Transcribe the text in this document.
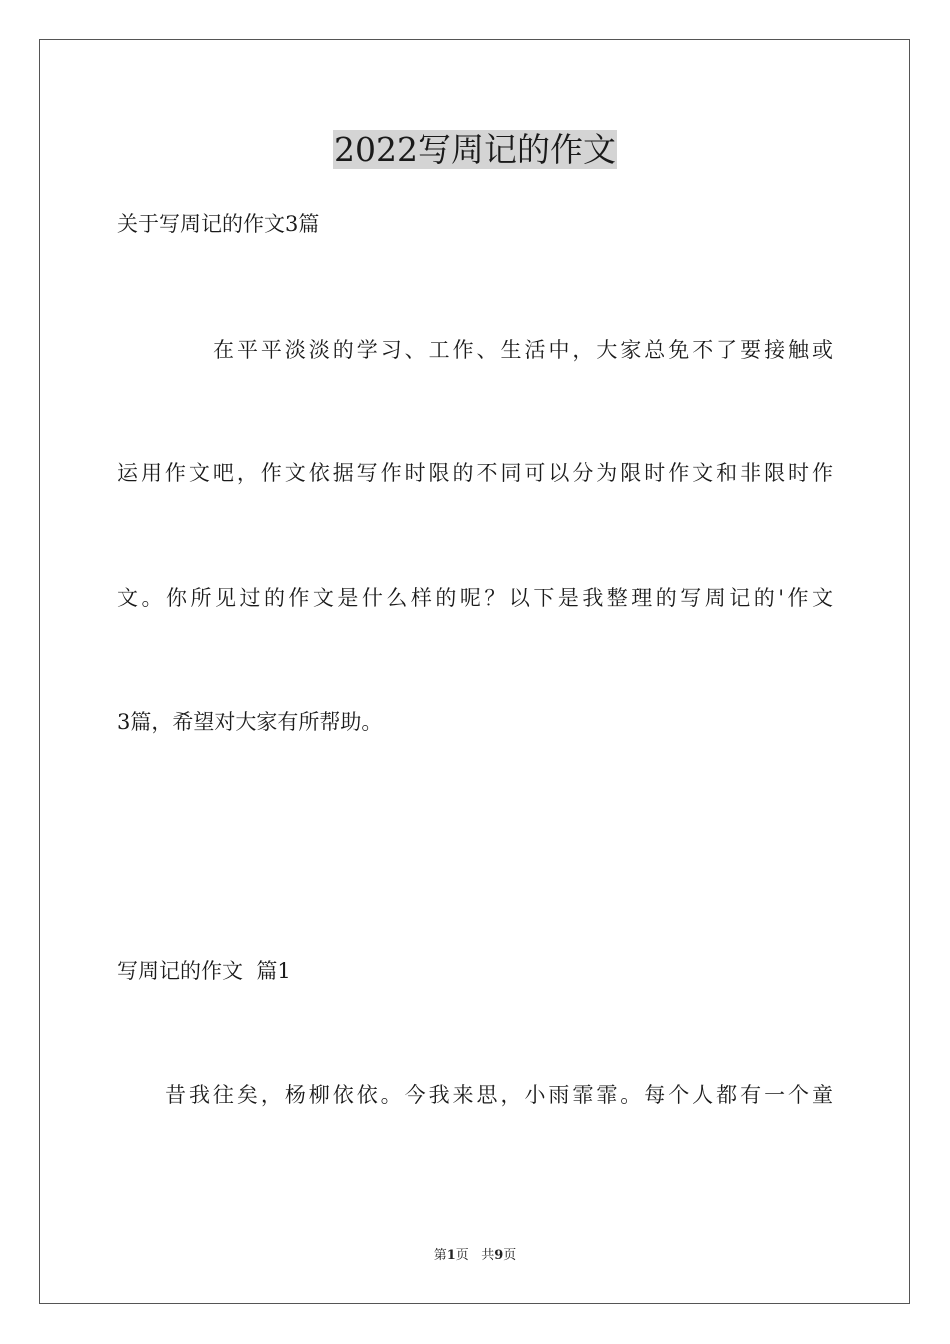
2022写周记的作文
关于写周记的作文3篇
在平平淡淡的学习、工作、生活中，大家总免不了要接触或
运用作文吧，作文依据写作时限的不同可以分为限时作文和非限时作
文。你所见过的作文是什么样的呢？以下是我整理的写周记的'作文
3篇，希望对大家有所帮助。
写周记的作文  篇1
昔我往矣，杨柳依依。今我来思，小雨霏霏。每个人都有一个童
第1页 共9页
